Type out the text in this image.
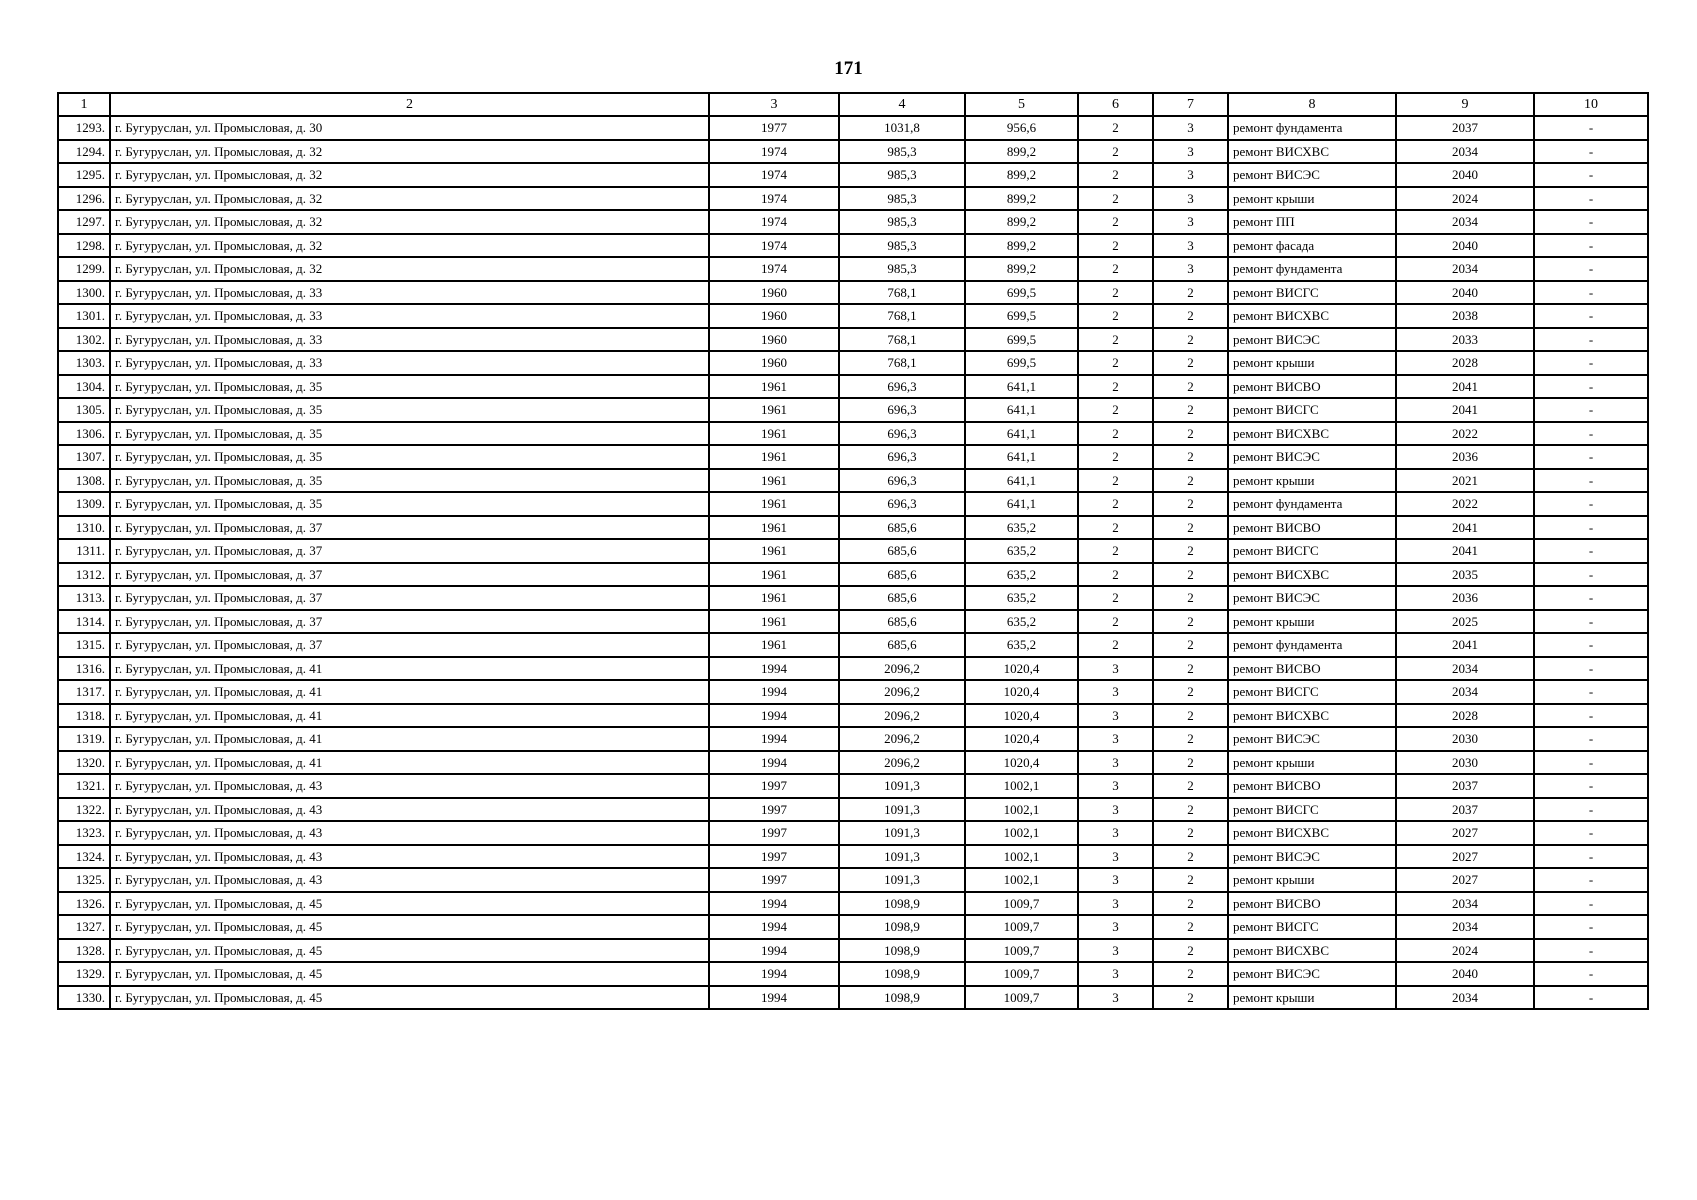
171
1	2	3	4	5	6	7	8	9	10
1293.	г. Бугуруслан, ул. Промысловая, д. 30	1977	1031,8	956,6	2	3	ремонт фундамента	2037	-
1294.	г. Бугуруслан, ул. Промысловая, д. 32	1974	985,3	899,2	2	3	ремонт ВИСХВС	2034	-
1295.	г. Бугуруслан, ул. Промысловая, д. 32	1974	985,3	899,2	2	3	ремонт ВИСЭС	2040	-
1296.	г. Бугуруслан, ул. Промысловая, д. 32	1974	985,3	899,2	2	3	ремонт крыши	2024	-
1297.	г. Бугуруслан, ул. Промысловая, д. 32	1974	985,3	899,2	2	3	ремонт ПП	2034	-
1298.	г. Бугуруслан, ул. Промысловая, д. 32	1974	985,3	899,2	2	3	ремонт фасада	2040	-
1299.	г. Бугуруслан, ул. Промысловая, д. 32	1974	985,3	899,2	2	3	ремонт фундамента	2034	-
1300.	г. Бугуруслан, ул. Промысловая, д. 33	1960	768,1	699,5	2	2	ремонт ВИСГС	2040	-
1301.	г. Бугуруслан, ул. Промысловая, д. 33	1960	768,1	699,5	2	2	ремонт ВИСХВС	2038	-
1302.	г. Бугуруслан, ул. Промысловая, д. 33	1960	768,1	699,5	2	2	ремонт ВИСЭС	2033	-
1303.	г. Бугуруслан, ул. Промысловая, д. 33	1960	768,1	699,5	2	2	ремонт крыши	2028	-
1304.	г. Бугуруслан, ул. Промысловая, д. 35	1961	696,3	641,1	2	2	ремонт ВИСВО	2041	-
1305.	г. Бугуруслан, ул. Промысловая, д. 35	1961	696,3	641,1	2	2	ремонт ВИСГС	2041	-
1306.	г. Бугуруслан, ул. Промысловая, д. 35	1961	696,3	641,1	2	2	ремонт ВИСХВС	2022	-
1307.	г. Бугуруслан, ул. Промысловая, д. 35	1961	696,3	641,1	2	2	ремонт ВИСЭС	2036	-
1308.	г. Бугуруслан, ул. Промысловая, д. 35	1961	696,3	641,1	2	2	ремонт крыши	2021	-
1309.	г. Бугуруслан, ул. Промысловая, д. 35	1961	696,3	641,1	2	2	ремонт фундамента	2022	-
1310.	г. Бугуруслан, ул. Промысловая, д. 37	1961	685,6	635,2	2	2	ремонт ВИСВО	2041	-
1311.	г. Бугуруслан, ул. Промысловая, д. 37	1961	685,6	635,2	2	2	ремонт ВИСГС	2041	-
1312.	г. Бугуруслан, ул. Промысловая, д. 37	1961	685,6	635,2	2	2	ремонт ВИСХВС	2035	-
1313.	г. Бугуруслан, ул. Промысловая, д. 37	1961	685,6	635,2	2	2	ремонт ВИСЭС	2036	-
1314.	г. Бугуруслан, ул. Промысловая, д. 37	1961	685,6	635,2	2	2	ремонт крыши	2025	-
1315.	г. Бугуруслан, ул. Промысловая, д. 37	1961	685,6	635,2	2	2	ремонт фундамента	2041	-
1316.	г. Бугуруслан, ул. Промысловая, д. 41	1994	2096,2	1020,4	3	2	ремонт ВИСВО	2034	-
1317.	г. Бугуруслан, ул. Промысловая, д. 41	1994	2096,2	1020,4	3	2	ремонт ВИСГС	2034	-
1318.	г. Бугуруслан, ул. Промысловая, д. 41	1994	2096,2	1020,4	3	2	ремонт ВИСХВС	2028	-
1319.	г. Бугуруслан, ул. Промысловая, д. 41	1994	2096,2	1020,4	3	2	ремонт ВИСЭС	2030	-
1320.	г. Бугуруслан, ул. Промысловая, д. 41	1994	2096,2	1020,4	3	2	ремонт крыши	2030	-
1321.	г. Бугуруслан, ул. Промысловая, д. 43	1997	1091,3	1002,1	3	2	ремонт ВИСВО	2037	-
1322.	г. Бугуруслан, ул. Промысловая, д. 43	1997	1091,3	1002,1	3	2	ремонт ВИСГС	2037	-
1323.	г. Бугуруслан, ул. Промысловая, д. 43	1997	1091,3	1002,1	3	2	ремонт ВИСХВС	2027	-
1324.	г. Бугуруслан, ул. Промысловая, д. 43	1997	1091,3	1002,1	3	2	ремонт ВИСЭС	2027	-
1325.	г. Бугуруслан, ул. Промысловая, д. 43	1997	1091,3	1002,1	3	2	ремонт крыши	2027	-
1326.	г. Бугуруслан, ул. Промысловая, д. 45	1994	1098,9	1009,7	3	2	ремонт ВИСВО	2034	-
1327.	г. Бугуруслан, ул. Промысловая, д. 45	1994	1098,9	1009,7	3	2	ремонт ВИСГС	2034	-
1328.	г. Бугуруслан, ул. Промысловая, д. 45	1994	1098,9	1009,7	3	2	ремонт ВИСХВС	2024	-
1329.	г. Бугуруслан, ул. Промысловая, д. 45	1994	1098,9	1009,7	3	2	ремонт ВИСЭС	2040	-
1330.	г. Бугуруслан, ул. Промысловая, д. 45	1994	1098,9	1009,7	3	2	ремонт крыши	2034	-
